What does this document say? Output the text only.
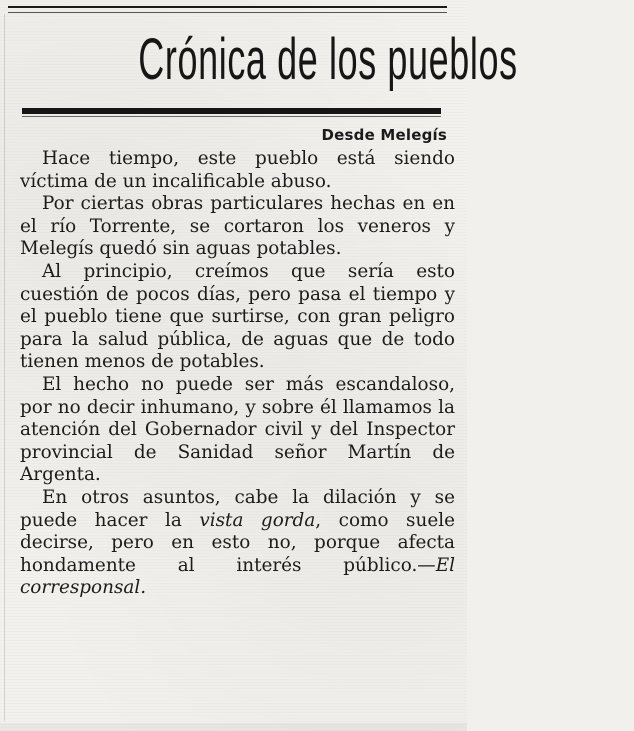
Crónica de los pueblos
Desde Melegís

Hace tiempo, este pueblo está siendo víctima de un incalificable abuso.

Por ciertas obras particulares hechas en en el río Torrente, se cortaron los veneros y Melegís quedó sin aguas potables.

Al principio, creímos que sería esto cuestión de pocos días, pero pasa el tiempo y el pueblo tiene que surtirse, con gran peligro para la salud pública, de aguas que de todo tienen menos de potables.

El hecho no puede ser más escandaloso, por no decir inhumano, y sobre él llamamos la atención del Gobernador civil y del Inspector provincial de Sanidad señor Martín de Argenta.

En otros asuntos, cabe la dilación y se puede hacer la vista gorda, como suele decirse, pero en esto no, porque afecta hondamente al interés público.—El corresponsal.
